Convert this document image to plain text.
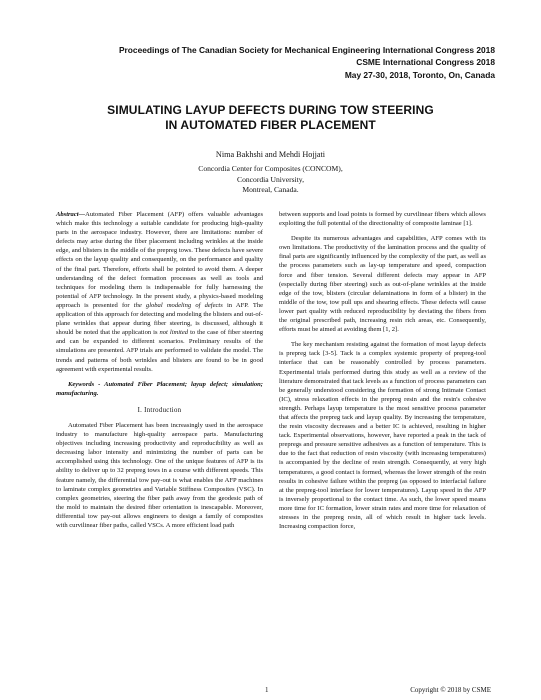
Proceedings of The Canadian Society for Mechanical Engineering International Congress 2018
CSME International Congress 2018
May 27-30, 2018, Toronto, On, Canada
SIMULATING LAYUP DEFECTS DURING TOW STEERING
IN AUTOMATED FIBER PLACEMENT
Nima Bakhshi and Mehdi Hojjati
Concordia Center for Composites (CONCOM),
Concordia University,
Montreal, Canada.

Abstract—Automated Fiber Placement (AFP) offers valuable advantages which make this technology a suitable candidate for producing high-quality parts in the aerospace industry. However, there are limitations: number of defects may arise during the fiber placement including wrinkles at the inside edge, and blisters in the middle of the prepreg tows. These defects have severe effects on the layup quality and consequently, on the performance and quality of the final part. Therefore, efforts shall be pointed to avoid them. A deeper understanding of the defect formation processes as well as tools and techniques for modeling them is indispensable for fully harnessing the potential of AFP technology. In the present study, a physics-based modeling approach is presented for the global modeling of defects in AFP. The application of this approach for detecting and modeling the blisters and out-of-plane wrinkles that appear during fiber steering, is discussed, although it should be noted that the application is not limited to the case of fiber steering and can be expanded to different scenarios. Preliminary results of the simulations are presented. AFP trials are performed to validate the model. The trends and patterns of both wrinkles and blisters are found to be in good agreement with experimental results.

Keywords - Automated Fiber Placement; layup defect; simulation; manufacturing.

I. Introduction

Automated Fiber Placement has been increasingly used in the aerospace industry to manufacture high-quality aerospace parts. Manufacturing objectives including increasing productivity and reproducibility as well as decreasing labor intensity and minimizing the number of parts can be accomplished using this technology. One of the unique features of AFP is its ability to deliver up to 32 prepreg tows in a course with different speeds. This feature namely, the differential tow pay-out is what enables the AFP machines to laminate complex geometries and Variable Stiffness Composites (VSC). In complex geometries, steering the fiber path away from the geodesic path of the mold to maintain the desired fiber orientation is inescapable. Moreover, differential tow pay-out allows engineers to design a family of composites with curvilinear fiber paths, called VSCs. A more efficient load path

between supports and load points is formed by curvilinear fibers which allows exploiting the full potential of the directionality of composite laminae [1].

Despite its numerous advantages and capabilities, AFP comes with its own limitations. The productivity of the lamination process and the quality of final parts are significantly influenced by the complexity of the part, as well as the process parameters such as lay-up temperature and speed, compaction force and fiber tension. Several different defects may appear in AFP (especially during fiber steering) such as out-of-plane wrinkles at the inside edge of the tow, blisters (circular delaminations in form of a blister) in the middle of the tow, tow pull ups and shearing effects. These defects will cause lower part quality with reduced reproducibility by deviating the fibers from the original prescribed path, increasing resin rich areas, etc. Consequently, efforts must be aimed at avoiding them [1, 2].

The key mechanism resisting against the formation of most layup defects is prepreg tack [3-5]. Tack is a complex systemic property of prepreg-tool interface that can be reasonably controlled by process parameters. Experimental trials performed during this study as well as a review of the literature demonstrated that tack levels as a function of process parameters can be generally understood considering the formation of strong Intimate Contact (IC), stress relaxation effects in the prepreg resin and the resin's cohesive strength. Perhaps layup temperature is the most sensitive process parameter that affects the prepreg tack and layup quality. By increasing the temperature, the resin viscosity decreases and a better IC is achieved, resulting in higher tack. Experimental observations, however, have reported a peak in the tack of prepregs and pressure sensitive adhesives as a function of temperature. This is due to the fact that reduction of resin viscosity (with increasing temperatures) is accompanied by the decline of resin strength. Consequently, at very high temperatures, a good contact is formed, whereas the lower strength of the resin results in cohesive failure within the prepreg (as opposed to interfacial failure at the prepreg-tool interface for lower temperatures). Layup speed in the AFP is inversely proportional to the contact time. As such, the lower speed means more time for IC formation, lower strain rates and more time for relaxation of stresses in the prepreg resin, all of which result in higher tack levels. Increasing compaction force,

1	Copyright © 2018 by CSME
